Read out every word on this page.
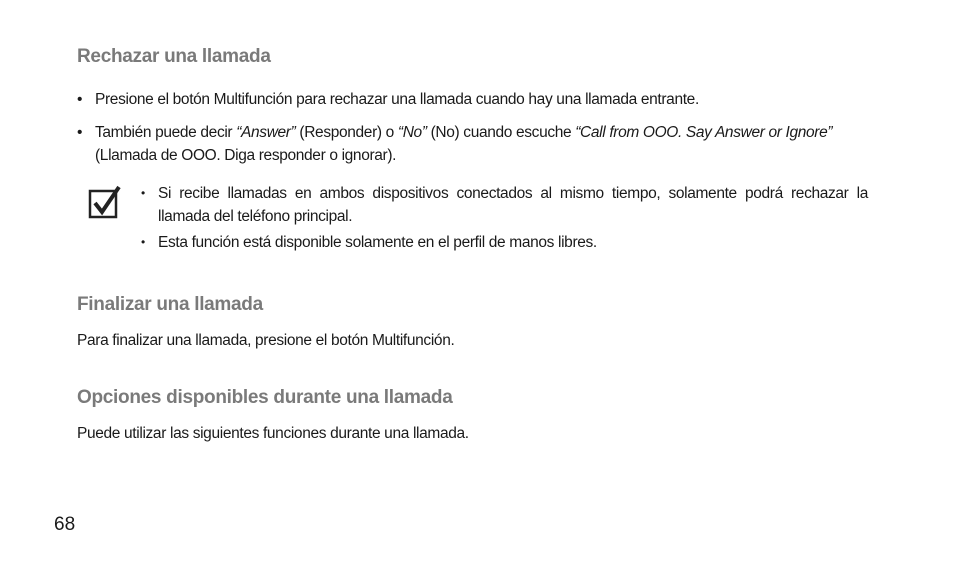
Rechazar una llamada
• Presione el botón Multifunción para rechazar una llamada cuando hay una llamada entrante.
• También puede decir “Answer” (Responder) o “No” (No) cuando escuche “Call from OOO. Say Answer or Ignore” (Llamada de OOO. Diga responder o ignorar).
• Si recibe llamadas en ambos dispositivos conectados al mismo tiempo, solamente podrá rechazar la llamada del teléfono principal.
• Esta función está disponible solamente en el perfil de manos libres.
Finalizar una llamada
Para finalizar una llamada, presione el botón Multifunción.
Opciones disponibles durante una llamada
Puede utilizar las siguientes funciones durante una llamada.
68
